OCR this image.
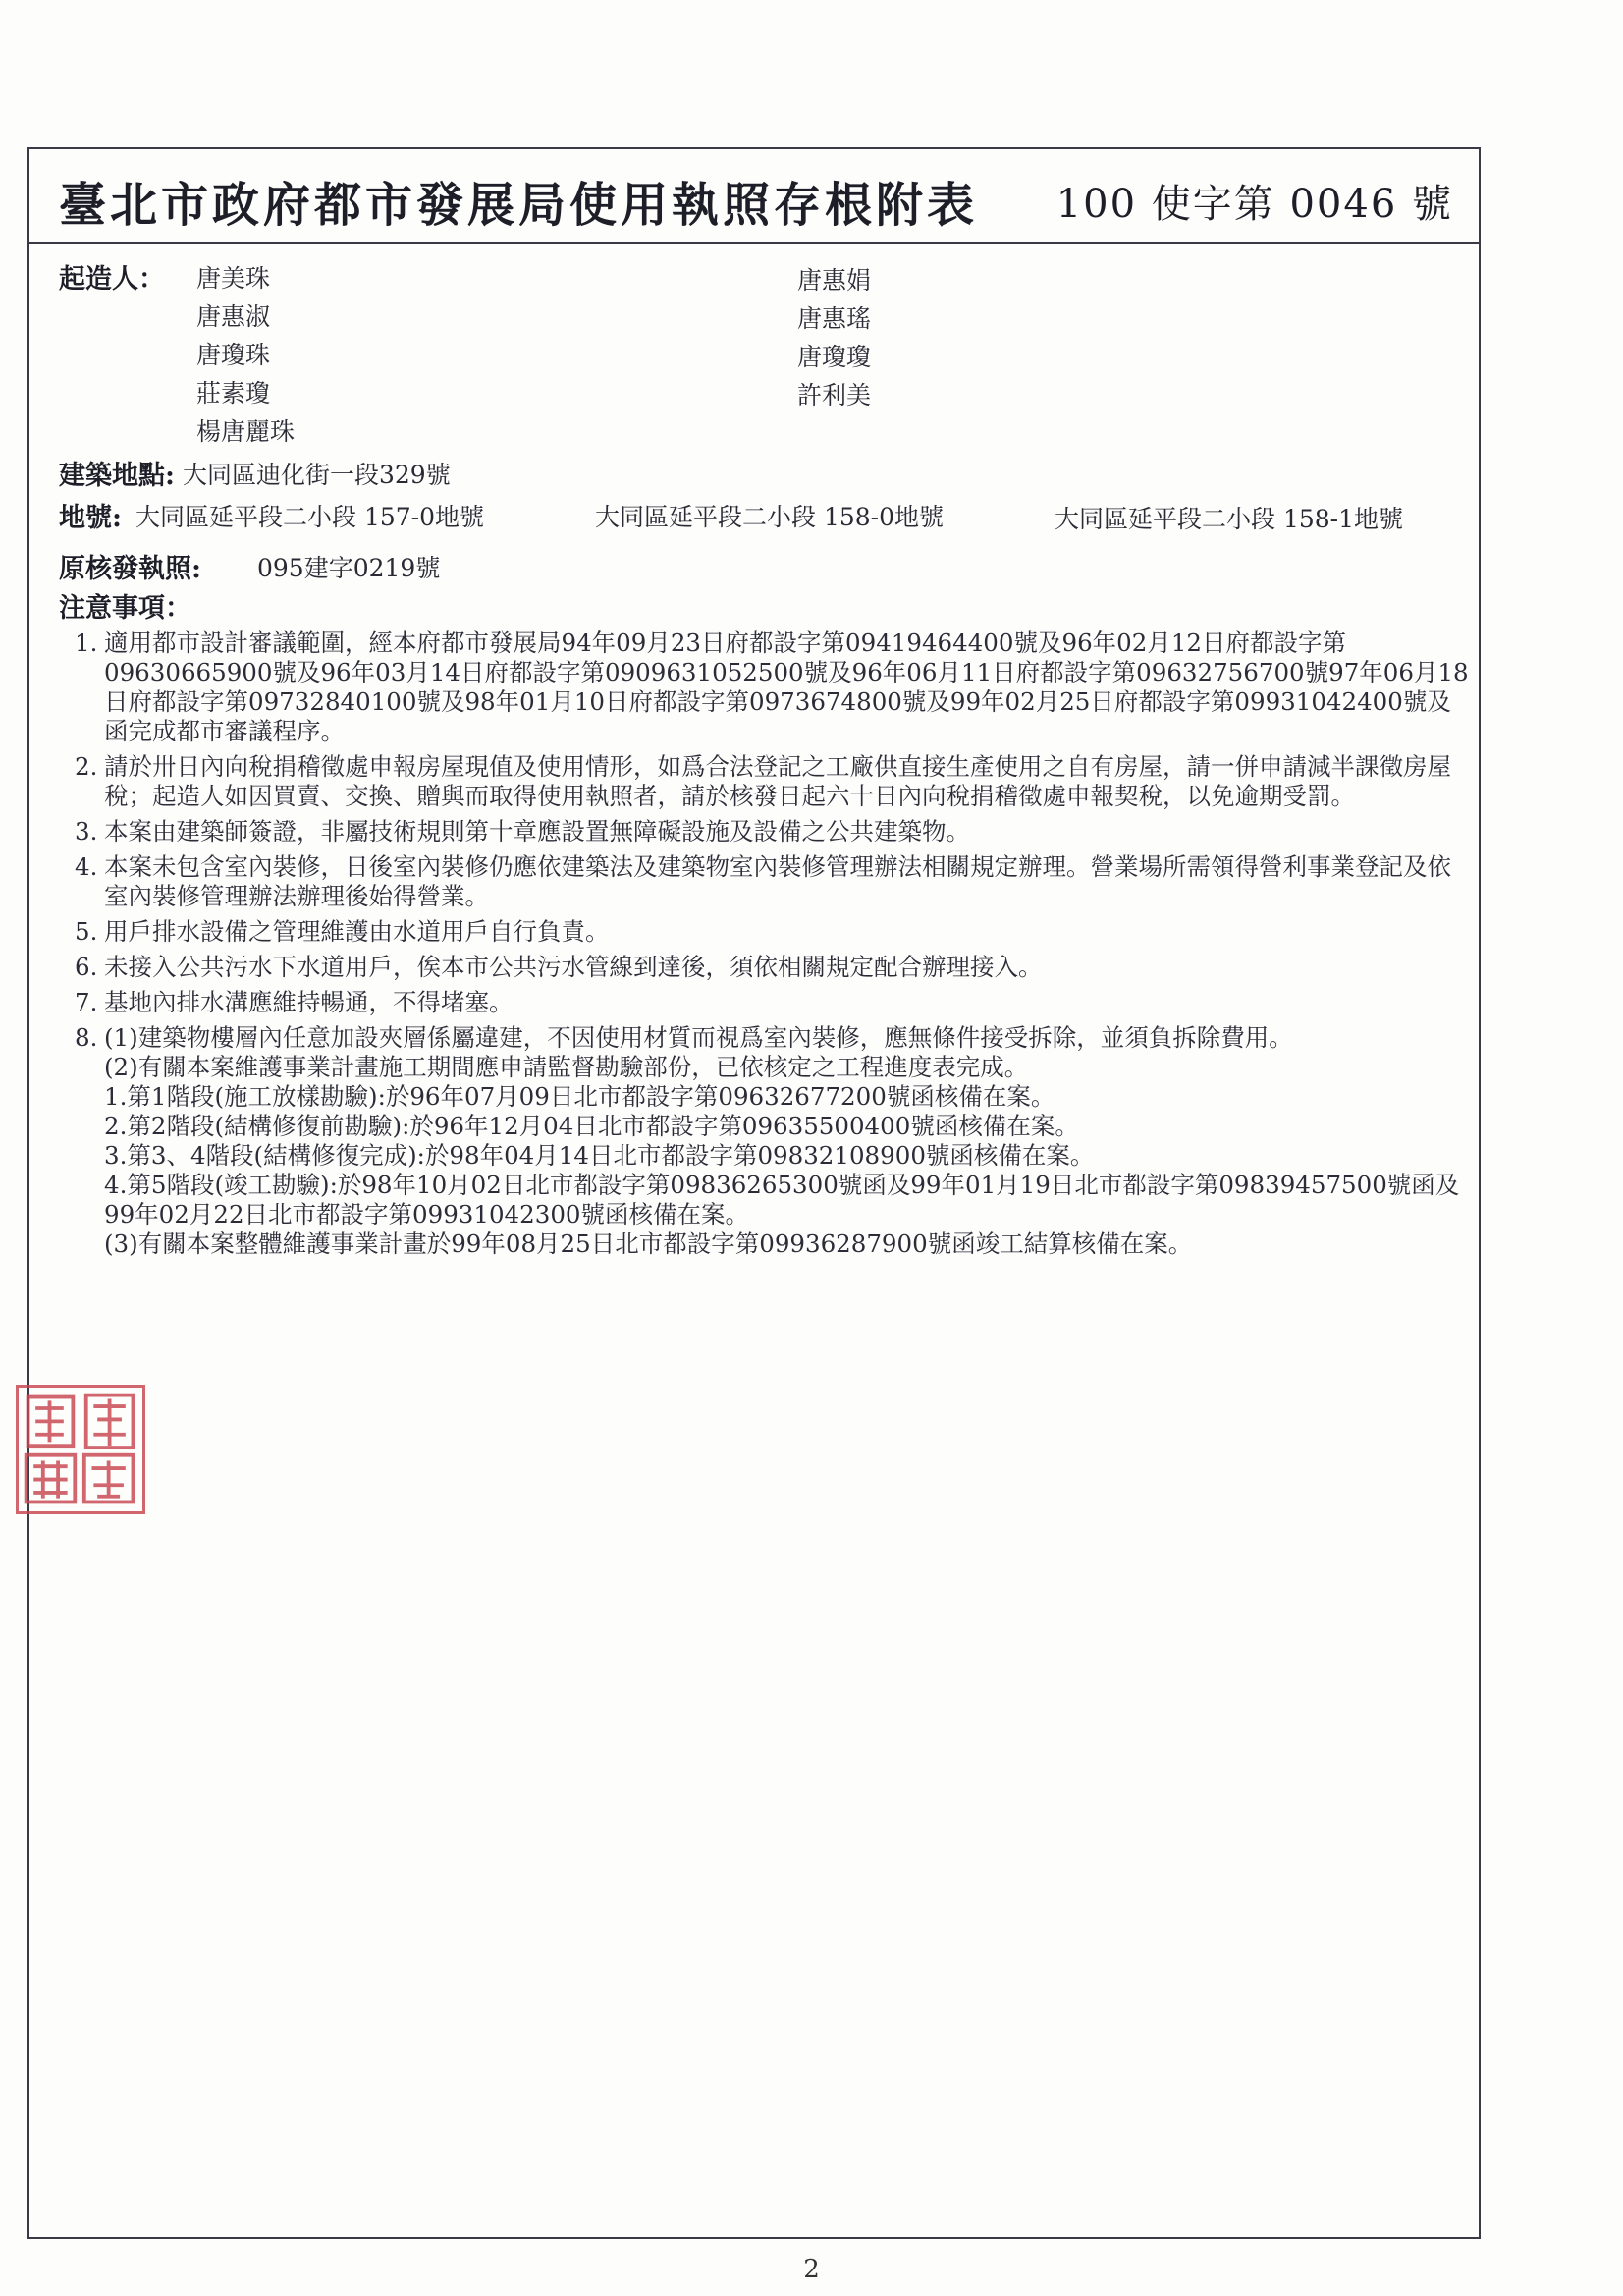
臺北市政府都市發展局使用執照存根附表 100 使字第 0046 號
起造人： 唐美珠
唐惠淑
唐瓊珠
莊素瓊
楊唐麗珠
唐惠娟
唐惠瑤
唐瓊瓊
許利美
建築地點: 大同區迪化街一段329號
地號: 大同區延平段二小段 157-0地號	大同區延平段二小段 158-0地號	大同區延平段二小段 158-1地號
原核發執照: 095建字0219號
注意事項：
1. 適用都市設計審議範圍，經本府都市發展局94年09月23日府都設字第09419464400號及96年02月12日府都設字第09630665900號及96年03月14日府都設字第0909631052500號及96年06月11日府都設字第09632756700號97年06月18日府都設字第09732840100號及98年01月10日府都設字第0973674800號及99年02月25日府都設字第09931042400號及函完成都市審議程序。
2. 請於卅日內向稅捐稽徵處申報房屋現值及使用情形，如爲合法登記之工廠供直接生產使用之自有房屋，請一併申請減半課徵房屋稅；起造人如因買賣、交換、贈與而取得使用執照者，請於核發日起六十日內向稅捐稽徵處申報契稅，以免逾期受罰。
3. 本案由建築師簽證，非屬技術規則第十章應設置無障礙設施及設備之公共建築物。
4. 本案未包含室內裝修，日後室內裝修仍應依建築法及建築物室內裝修管理辦法相關規定辦理。營業場所需領得營利事業登記及依室內裝修管理辦法辦理後始得營業。
5. 用戶排水設備之管理維護由水道用戶自行負責。
6. 未接入公共污水下水道用戶，俟本市公共污水管線到達後，須依相關規定配合辦理接入。
7. 基地內排水溝應維持暢通，不得堵塞。
8. (1)建築物樓層內任意加設夾層係屬違建，不因使用材質而視爲室內裝修，應無條件接受拆除，並須負拆除費用。
(2)有關本案維護事業計畫施工期間應申請監督勘驗部份，已依核定之工程進度表完成。
1.第1階段(施工放樣勘驗):於96年07月09日北市都設字第09632677200號函核備在案。
2.第2階段(結構修復前勘驗):於96年12月04日北市都設字第09635500400號函核備在案。
3.第3、4階段(結構修復完成):於98年04月14日北市都設字第09832108900號函核備在案。
4.第5階段(竣工勘驗):於98年10月02日北市都設字第09836265300號函及99年01月19日北市都設字第09839457500號函及99年02月22日北市都設字第09931042300號函核備在案。
(3)有關本案整體維護事業計畫於99年08月25日北市都設字第09936287900號函竣工結算核備在案。
2
